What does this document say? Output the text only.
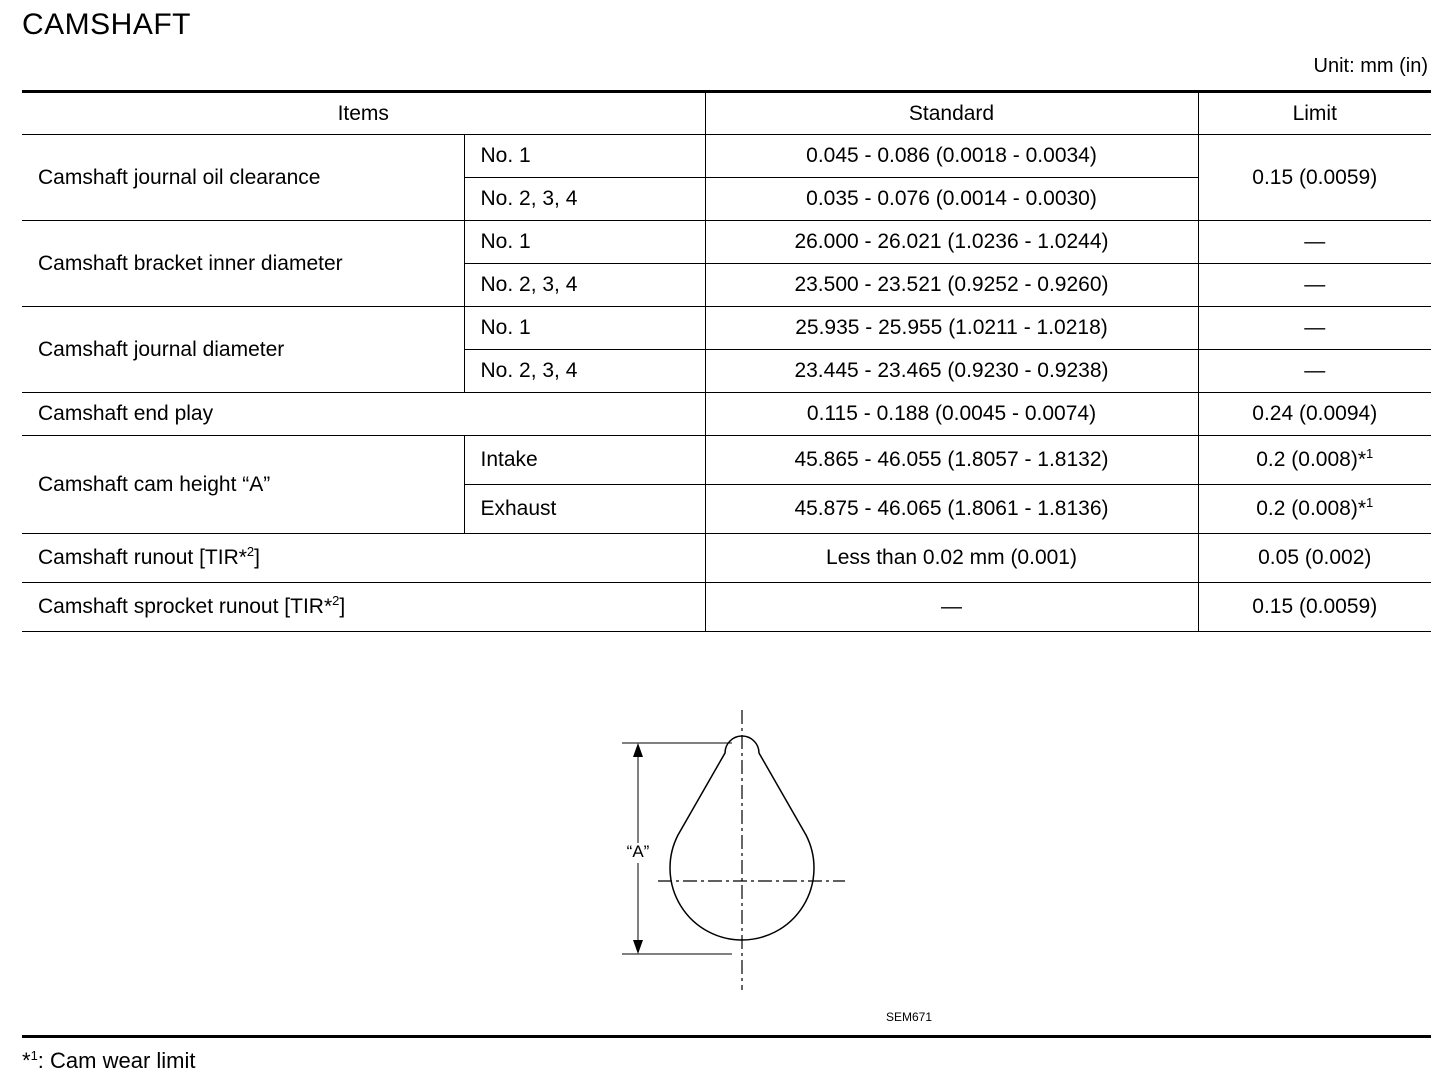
CAMSHAFT
Unit: mm (in)
Items		Standard	Limit
Camshaft journal oil clearance	No. 1	0.045 - 0.086 (0.0018 - 0.0034)	0.15 (0.0059)
	No. 2, 3, 4	0.035 - 0.076 (0.0014 - 0.0030)	
Camshaft bracket inner diameter	No. 1	26.000 - 26.021 (1.0236 - 1.0244)	—
	No. 2, 3, 4	23.500 - 23.521 (0.9252 - 0.9260)	—
Camshaft journal diameter	No. 1	25.935 - 25.955 (1.0211 - 1.0218)	—
	No. 2, 3, 4	23.445 - 23.465 (0.9230 - 0.9238)	—
Camshaft end play		0.115 - 0.188 (0.0045 - 0.0074)	0.24 (0.0094)
Camshaft cam height “A”	Intake	45.865 - 46.055 (1.8057 - 1.8132)	0.2 (0.008)*$^1$
	Exhaust	45.875 - 46.065 (1.8061 - 1.8136)	0.2 (0.008)*$^1$
Camshaft runout [TIR*$^2$]		Less than 0.02 mm (0.001)	0.05 (0.002)
Camshaft sprocket runout [TIR*$^2$]		—	0.15 (0.0059)
“A”
SEM671
*$^1$: Cam wear limit
